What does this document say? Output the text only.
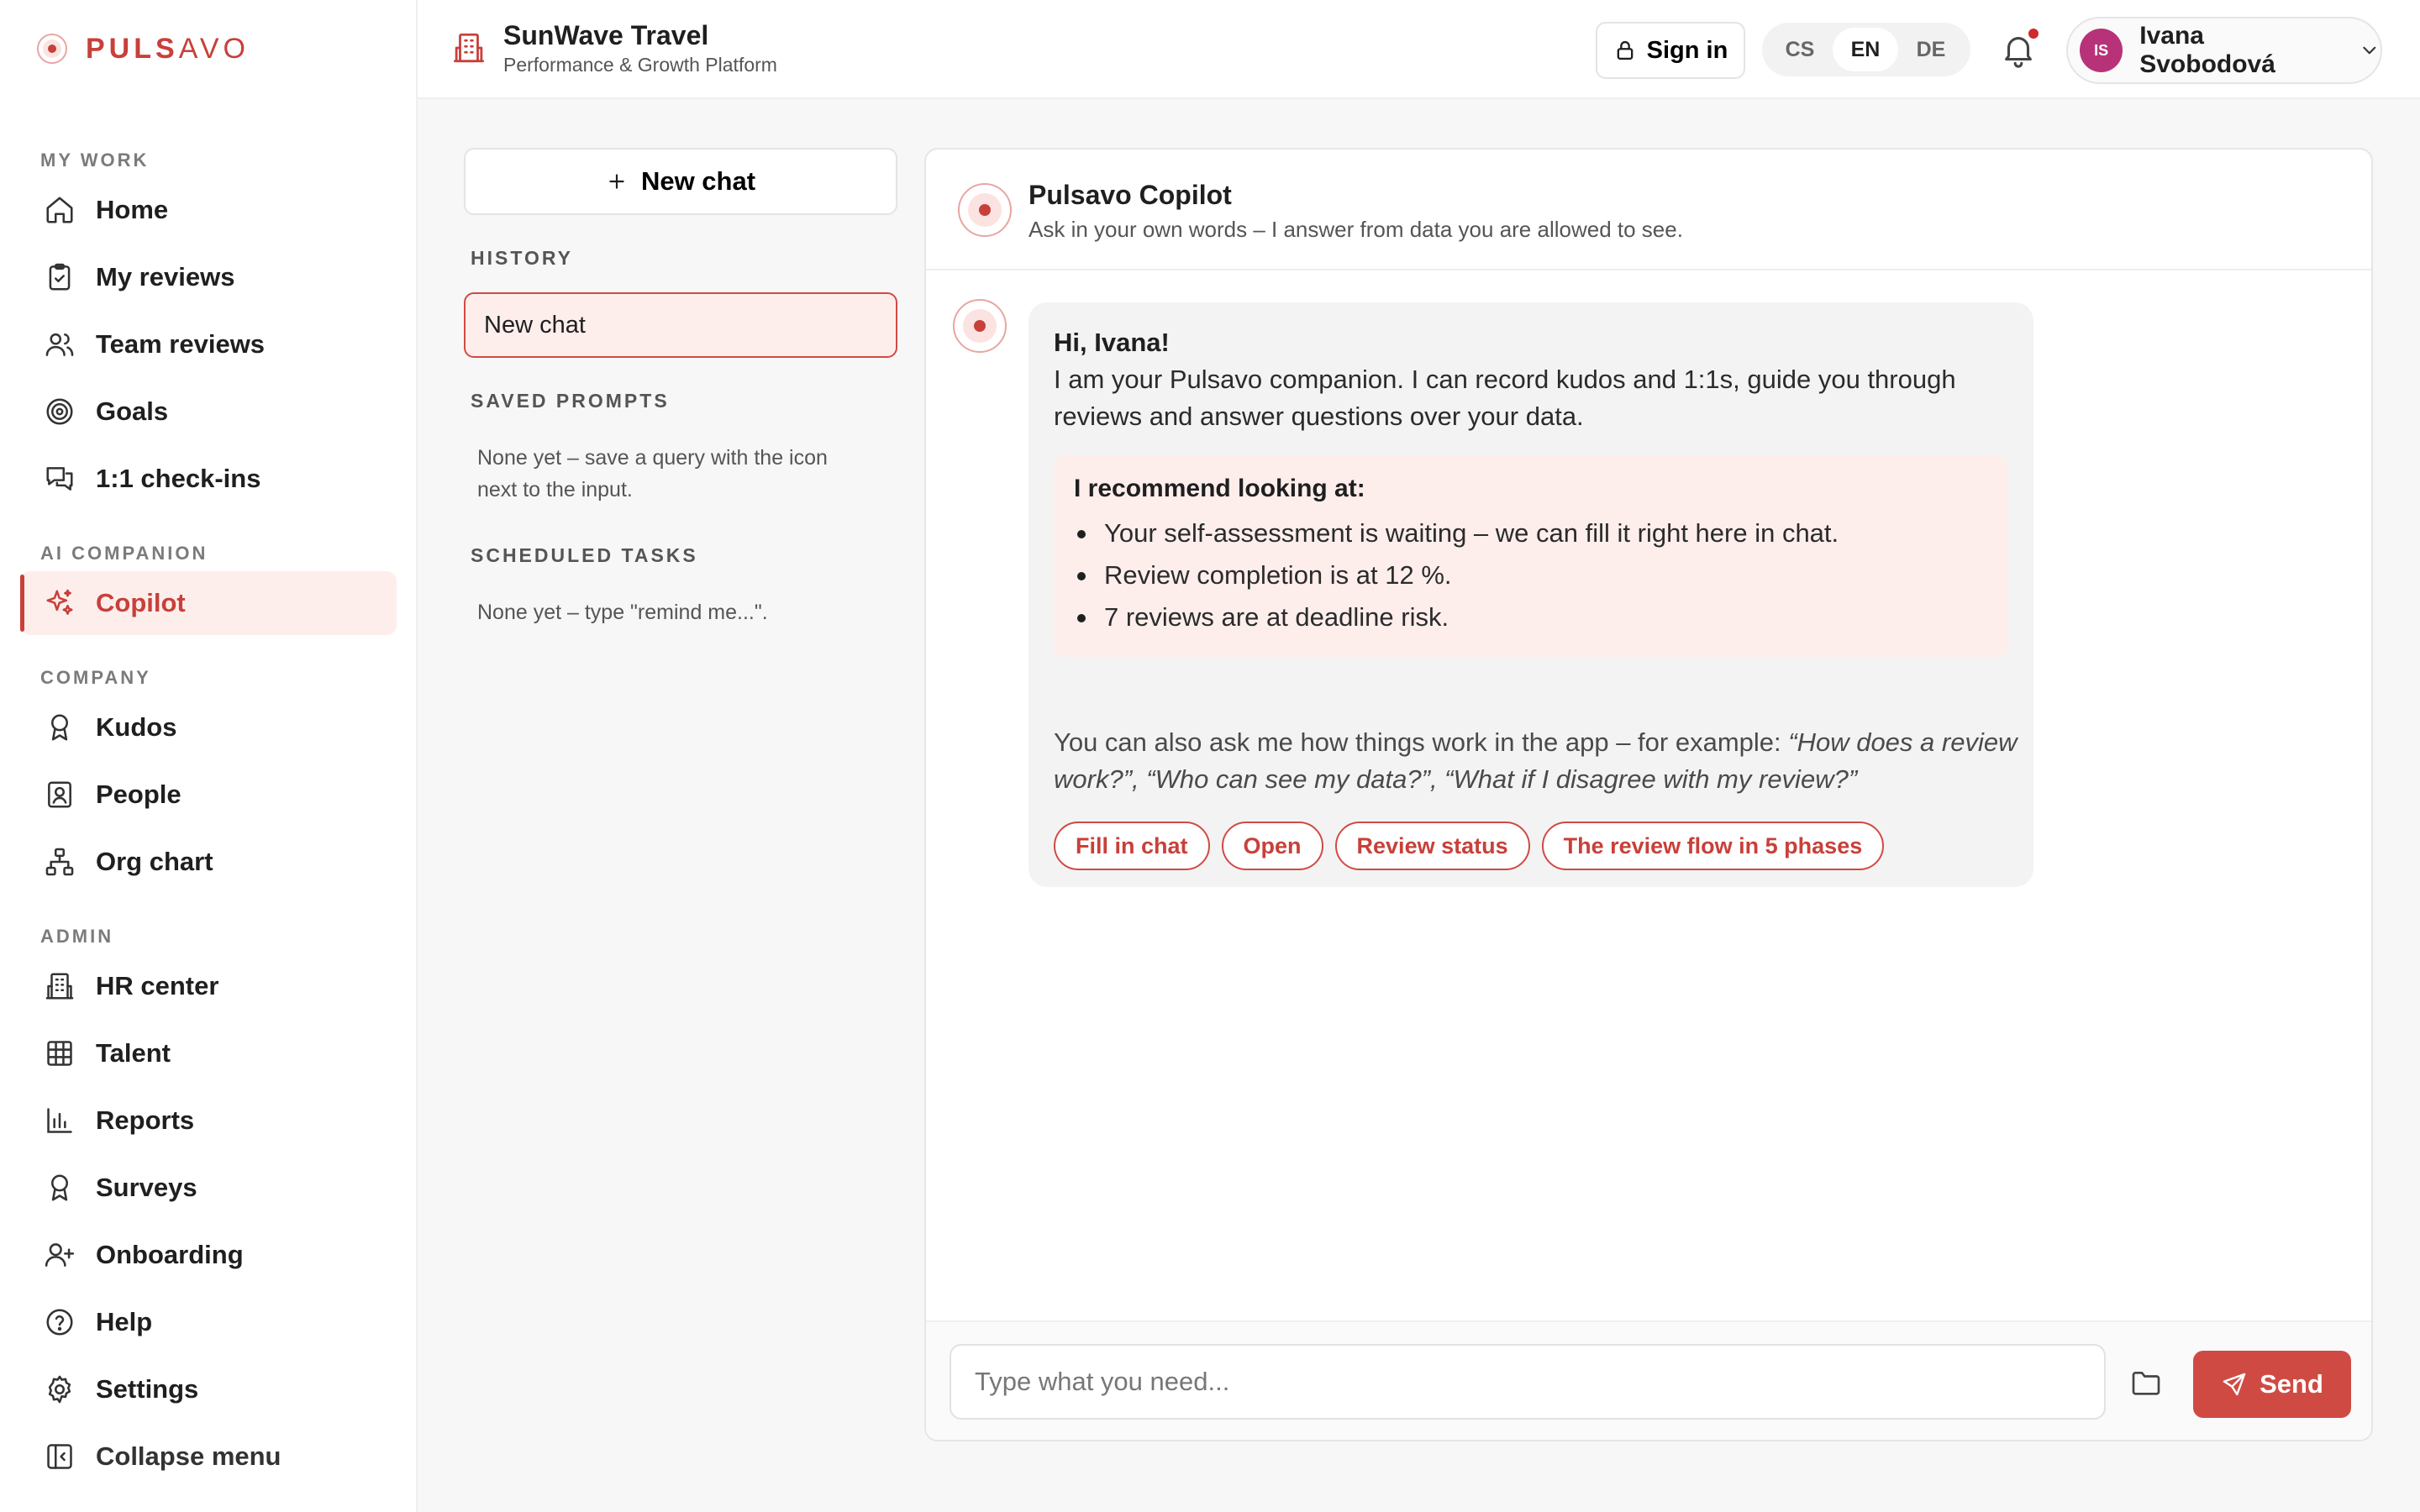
PULSAVO
MY WORK
Home
My reviews
Team reviews
Goals
1:1 check-ins
AI COMPANION
Copilot
COMPANY
Kudos
People
Org chart
ADMIN
HR center
Talent
Reports
Surveys
Onboarding
Help
Settings
Collapse menu
SunWave Travel
Performance & Growth Platform
Sign in	CS	EN	DE	IS
Ivana Svobodová
New chat
HISTORY
New chat
SAVED PROMPTS
None yet – save a query with the icon next to the input.
SCHEDULED TASKS
None yet – type "remind me...".
Pulsavo Copilot
Ask in your own words – I answer from data you are allowed to see.
Hi, Ivana!
I am your Pulsavo companion. I can record kudos and 1:1s, guide you through reviews and answer questions over your data.
I recommend looking at:
Your self-assessment is waiting – we can fill it right here in chat.
Review completion is at 12 %.
7 reviews are at deadline risk.
You can also ask me how things work in the app – for example: “How does a review work?”, “Who can see my data?”, “What if I disagree with my review?”
Fill in chat	Open	Review status	The review flow in 5 phases
Type what you need...
Send
